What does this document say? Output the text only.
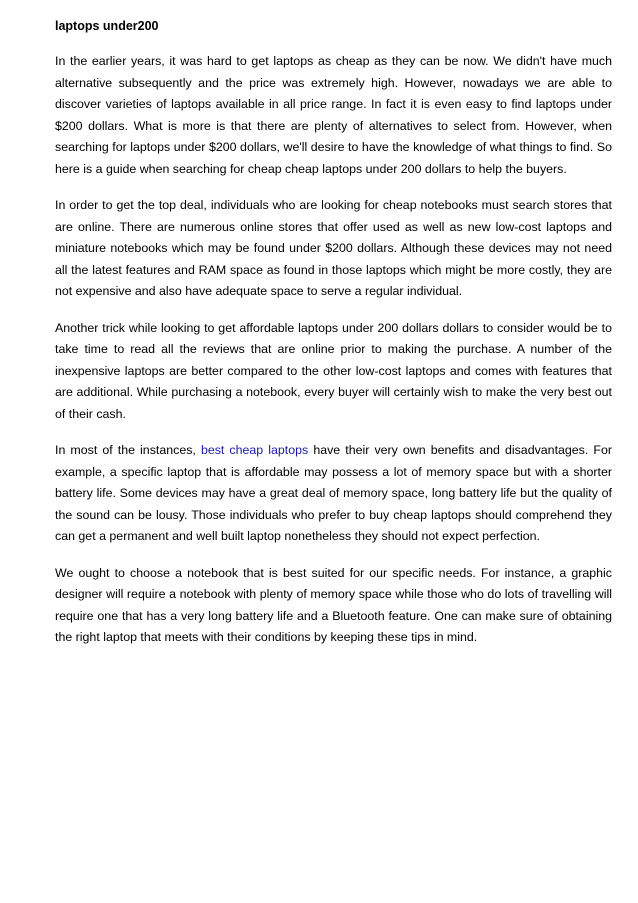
laptops under200

In the earlier years, it was hard to get laptops as cheap as they can be now. We didn't have much alternative subsequently and the price was extremely high. However, nowadays we are able to discover varieties of laptops available in all price range. In fact it is even easy to find laptops under $200 dollars. What is more is that there are plenty of alternatives to select from. However, when searching for laptops under $200 dollars, we'll desire to have the knowledge of what things to find. So here is a guide when searching for cheap cheap laptops under 200 dollars to help the buyers.

In order to get the top deal, individuals who are looking for cheap notebooks must search stores that are online. There are numerous online stores that offer used as well as new low-cost laptops and miniature notebooks which may be found under $200 dollars. Although these devices may not need all the latest features and RAM space as found in those laptops which might be more costly, they are not expensive and also have adequate space to serve a regular individual.

Another trick while looking to get affordable laptops under 200 dollars dollars to consider would be to take time to read all the reviews that are online prior to making the purchase. A number of the inexpensive laptops are better compared to the other low-cost laptops and comes with features that are additional. While purchasing a notebook, every buyer will certainly wish to make the very best out of their cash.

In most of the instances, best cheap laptops have their very own benefits and disadvantages. For example, a specific laptop that is affordable may possess a lot of memory space but with a shorter battery life. Some devices may have a great deal of memory space, long battery life but the quality of the sound can be lousy. Those individuals who prefer to buy cheap laptops should comprehend they can get a permanent and well built laptop nonetheless they should not expect perfection.

We ought to choose a notebook that is best suited for our specific needs. For instance, a graphic designer will require a notebook with plenty of memory space while those who do lots of travelling will require one that has a very long battery life and a Bluetooth feature. One can make sure of obtaining the right laptop that meets with their conditions by keeping these tips in mind.
